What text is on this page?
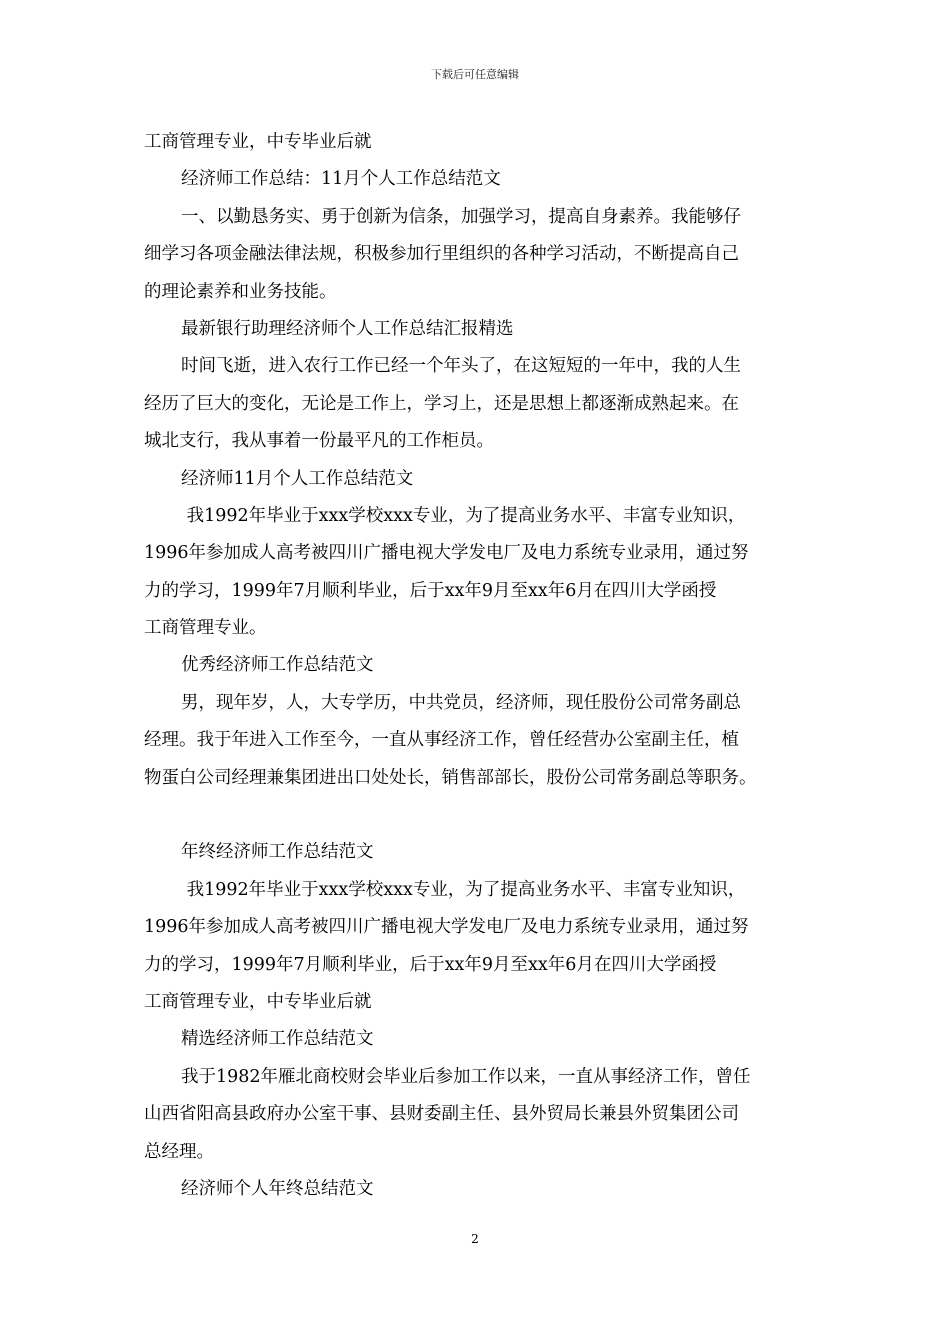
下载后可任意编辑
工商管理专业，中专毕业后就
经济师工作总结：11月个人工作总结范文
一、以勤恳务实、勇于创新为信条，加强学习，提高自身素养。我能够仔
细学习各项金融法律法规，积极参加行里组织的各种学习活动，不断提高自己
的理论素养和业务技能。
最新银行助理经济师个人工作总结汇报精选
时间飞逝，进入农行工作已经一个年头了，在这短短的一年中，我的人生
经历了巨大的变化，无论是工作上，学习上，还是思想上都逐渐成熟起来。在
城北支行，我从事着一份最平凡的工作柜员。
经济师11月个人工作总结范文
我1992年毕业于xxx学校xxx专业，为了提高业务水平、丰富专业知识，
1996年参加成人高考被四川广播电视大学发电厂及电力系统专业录用，通过努
力的学习，1999年7月顺利毕业，后于xx年9月至xx年6月在四川大学函授
工商管理专业。
优秀经济师工作总结范文
男，现年岁，人，大专学历，中共党员，经济师，现任股份公司常务副总
经理。我于年进入工作至今，一直从事经济工作，曾任经营办公室副主任，植
物蛋白公司经理兼集团进出口处处长，销售部部长，股份公司常务副总等职务。
年终经济师工作总结范文
我1992年毕业于xxx学校xxx专业，为了提高业务水平、丰富专业知识，
1996年参加成人高考被四川广播电视大学发电厂及电力系统专业录用，通过努
力的学习，1999年7月顺利毕业，后于xx年9月至xx年6月在四川大学函授
工商管理专业，中专毕业后就
精选经济师工作总结范文
我于1982年雁北商校财会毕业后参加工作以来，一直从事经济工作，曾任
山西省阳高县政府办公室干事、县财委副主任、县外贸局长兼县外贸集团公司
总经理。
经济师个人年终总结范文
2
